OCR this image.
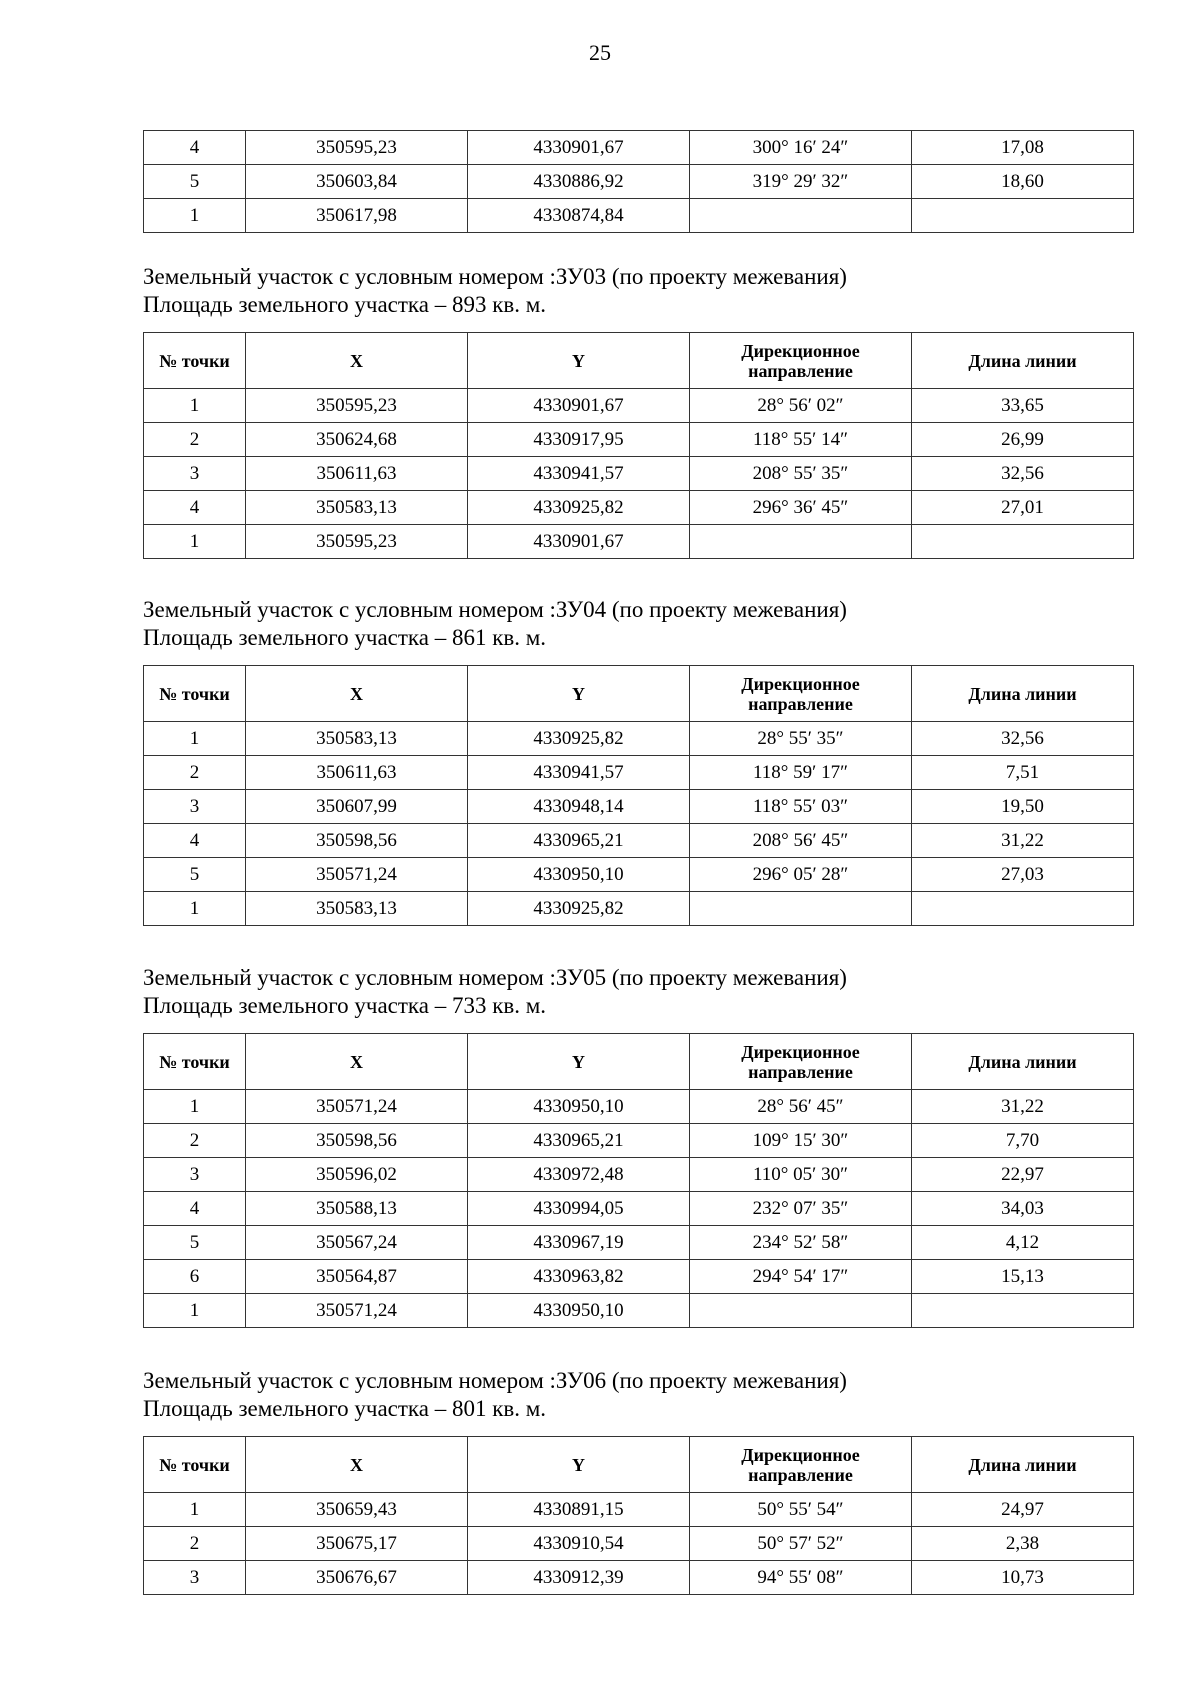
25
4	350595,23	4330901,67	300° 16′ 24″	17,08
5	350603,84	4330886,92	319° 29′ 32″	18,60
1	350617,98	4330874,84		
Земельный участок с условным номером :ЗУ03 (по проекту межевания)
Площадь земельного участка – 893 кв. м.
№ точки	X	Y	Дирекционное направление	Длина линии
1	350595,23	4330901,67	28° 56′ 02″	33,65
2	350624,68	4330917,95	118° 55′ 14″	26,99
3	350611,63	4330941,57	208° 55′ 35″	32,56
4	350583,13	4330925,82	296° 36′ 45″	27,01
1	350595,23	4330901,67		
Земельный участок с условным номером :ЗУ04 (по проекту межевания)
Площадь земельного участка – 861 кв. м.
№ точки	X	Y	Дирекционное направление	Длина линии
1	350583,13	4330925,82	28° 55′ 35″	32,56
2	350611,63	4330941,57	118° 59′ 17″	7,51
3	350607,99	4330948,14	118° 55′ 03″	19,50
4	350598,56	4330965,21	208° 56′ 45″	31,22
5	350571,24	4330950,10	296° 05′ 28″	27,03
1	350583,13	4330925,82		
Земельный участок с условным номером :ЗУ05 (по проекту межевания)
Площадь земельного участка – 733 кв. м.
№ точки	X	Y	Дирекционное направление	Длина линии
1	350571,24	4330950,10	28° 56′ 45″	31,22
2	350598,56	4330965,21	109° 15′ 30″	7,70
3	350596,02	4330972,48	110° 05′ 30″	22,97
4	350588,13	4330994,05	232° 07′ 35″	34,03
5	350567,24	4330967,19	234° 52′ 58″	4,12
6	350564,87	4330963,82	294° 54′ 17″	15,13
1	350571,24	4330950,10		
Земельный участок с условным номером :ЗУ06 (по проекту межевания)
Площадь земельного участка – 801 кв. м.
№ точки	X	Y	Дирекционное направление	Длина линии
1	350659,43	4330891,15	50° 55′ 54″	24,97
2	350675,17	4330910,54	50° 57′ 52″	2,38
3	350676,67	4330912,39	94° 55′ 08″	10,73
